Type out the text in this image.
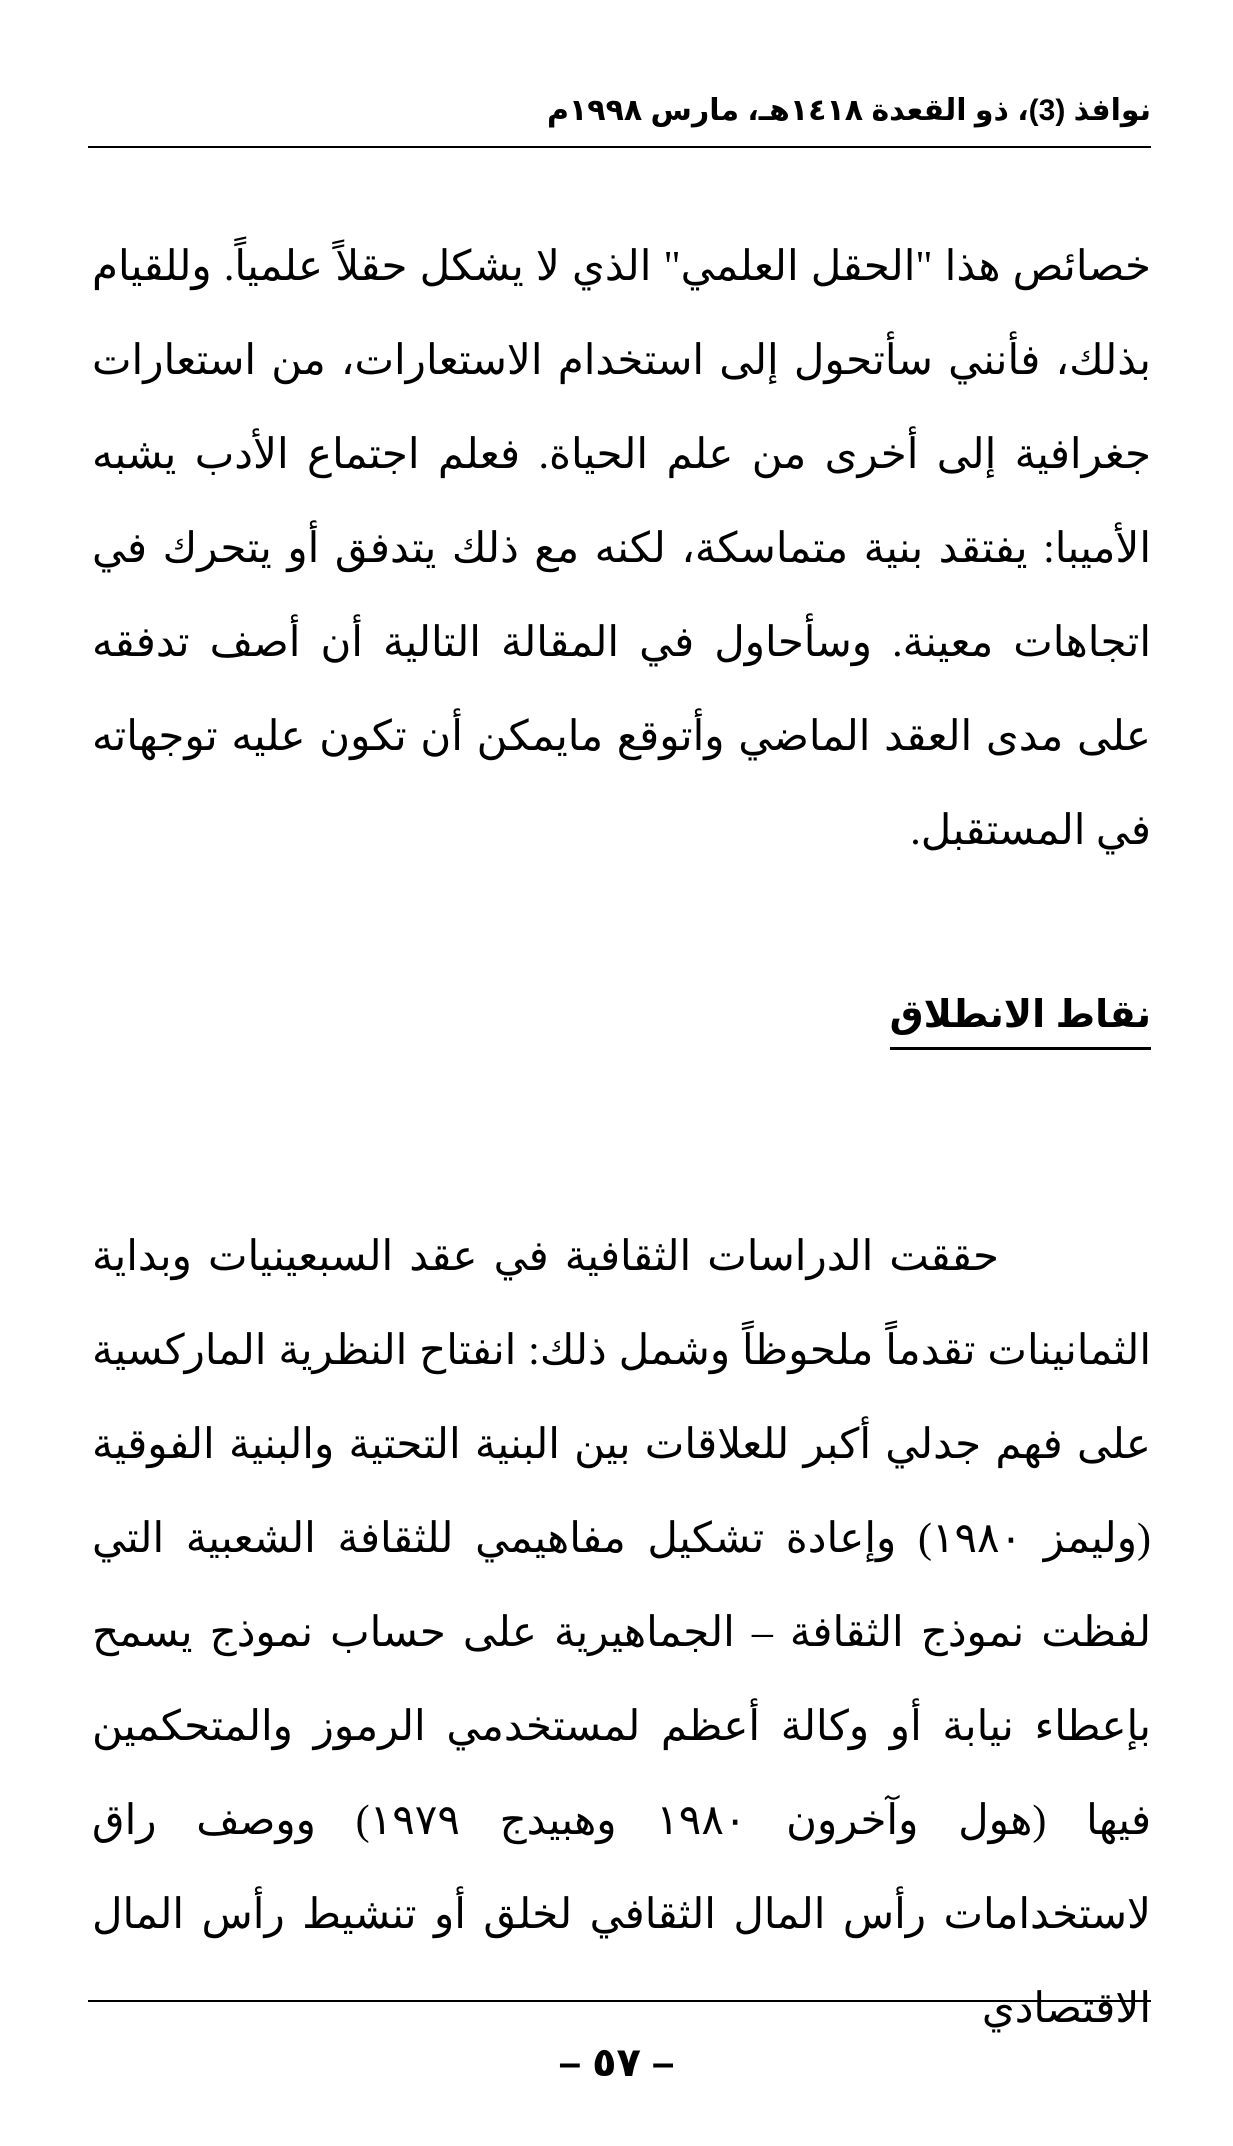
نوافذ (3)، ذو القعدة ١٤١٨هـ، مارس ١٩٩٨م

خصائص هذا "الحقل العلمي" الذي لا يشكل حقلاً علمياً. وللقيام بذلك، فأنني سأتحول إلى استخدام الاستعارات، من استعارات جغرافية إلى أخرى من علم الحياة. فعلم اجتماع الأدب يشبه الأميبا: يفتقد بنية متماسكة، لكنه مع ذلك يتدفق أو يتحرك في اتجاهات معينة. وسأحاول في المقالة التالية أن أصف تدفقه على مدى العقد الماضي وأتوقع مايمكن أن تكون عليه توجهاته في المستقبل.

نقاط الانطلاق

حققت الدراسات الثقافية في عقد السبعينيات وبداية الثمانينات تقدماً ملحوظاً وشمل ذلك: انفتاح النظرية الماركسية على فهم جدلي أكبر للعلاقات بين البنية التحتية والبنية الفوقية (وليمز ١٩٨٠) وإعادة تشكيل مفاهيمي للثقافة الشعبية التي لفظت نموذج الثقافة – الجماهيرية على حساب نموذج يسمح بإعطاء نيابة أو وكالة أعظم لمستخدمي الرموز والمتحكمين فيها (هول وآخرون ١٩٨٠ وهبيدج ١٩٧٩) ووصف راق لاستخدامات رأس المال الثقافي لخلق أو تنشيط رأس المال الاقتصادي

– ٥٧ –
